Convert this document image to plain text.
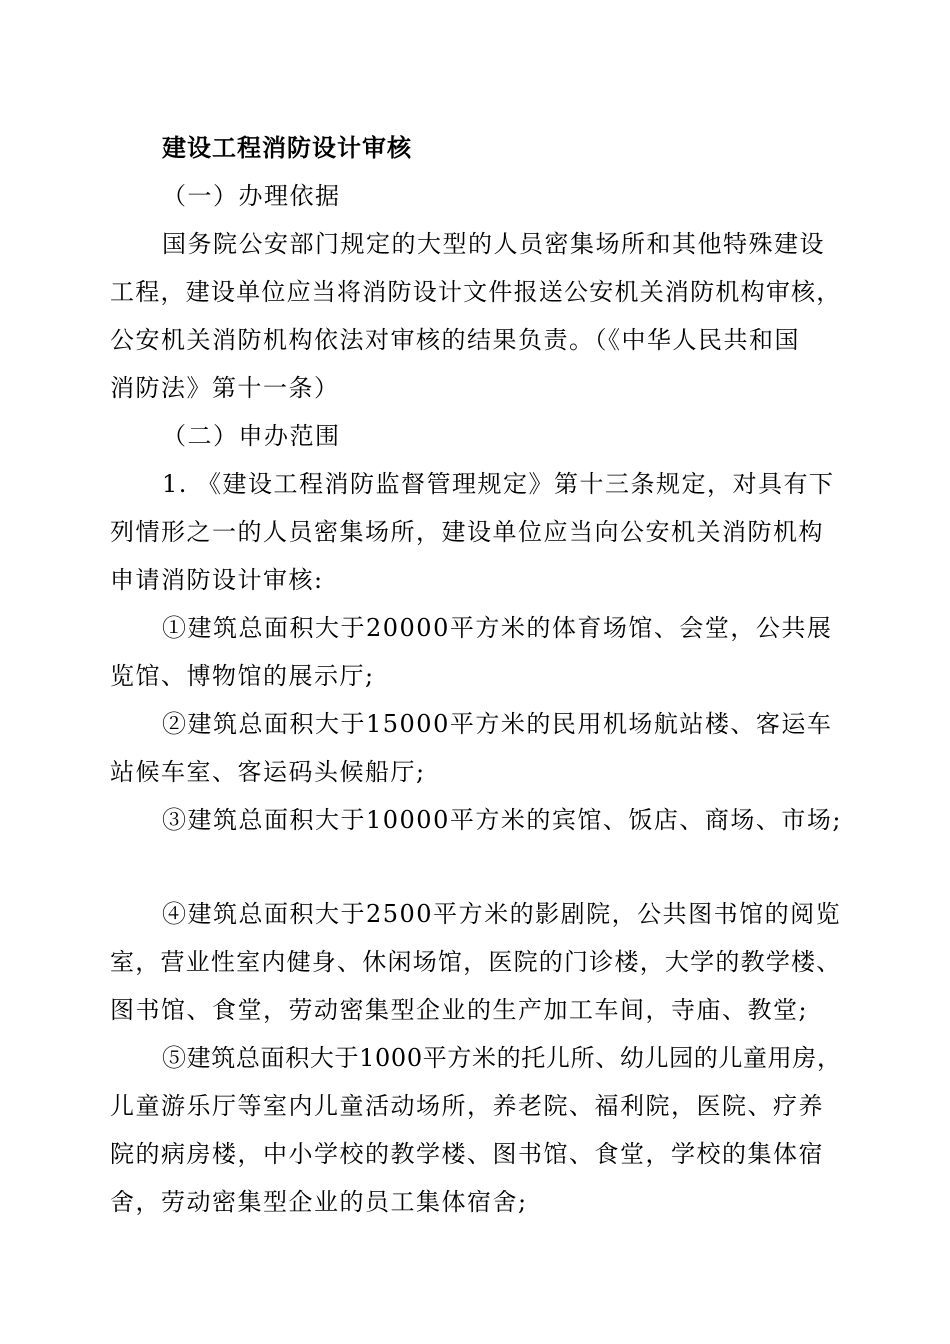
建设工程消防设计审核
（一）办理依据
国务院公安部门规定的大型的人员密集场所和其他特殊建设
工程，建设单位应当将消防设计文件报送公安机关消防机构审核，
公安机关消防机构依法对审核的结果负责。（《中华人民共和国
消防法》第十一条）
（二）申办范围
1. 《建设工程消防监督管理规定》第十三条规定，对具有下
列情形之一的人员密集场所，建设单位应当向公安机关消防机构
申请消防设计审核:
①建筑总面积大于20000平方米的体育场馆、会堂，公共展
览馆、博物馆的展示厅;
②建筑总面积大于15000平方米的民用机场航站楼、客运车
站候车室、客运码头候船厅;
③建筑总面积大于10000平方米的宾馆、饭店、商场、市场;
④建筑总面积大于2500平方米的影剧院，公共图书馆的阅览
室，营业性室内健身、休闲场馆，医院的门诊楼，大学的教学楼、
图书馆、食堂，劳动密集型企业的生产加工车间，寺庙、教堂;
⑤建筑总面积大于1000平方米的托儿所、幼儿园的儿童用房，
儿童游乐厅等室内儿童活动场所，养老院、福利院，医院、疗养
院的病房楼，中小学校的教学楼、图书馆、食堂，学校的集体宿
舍，劳动密集型企业的员工集体宿舍;
